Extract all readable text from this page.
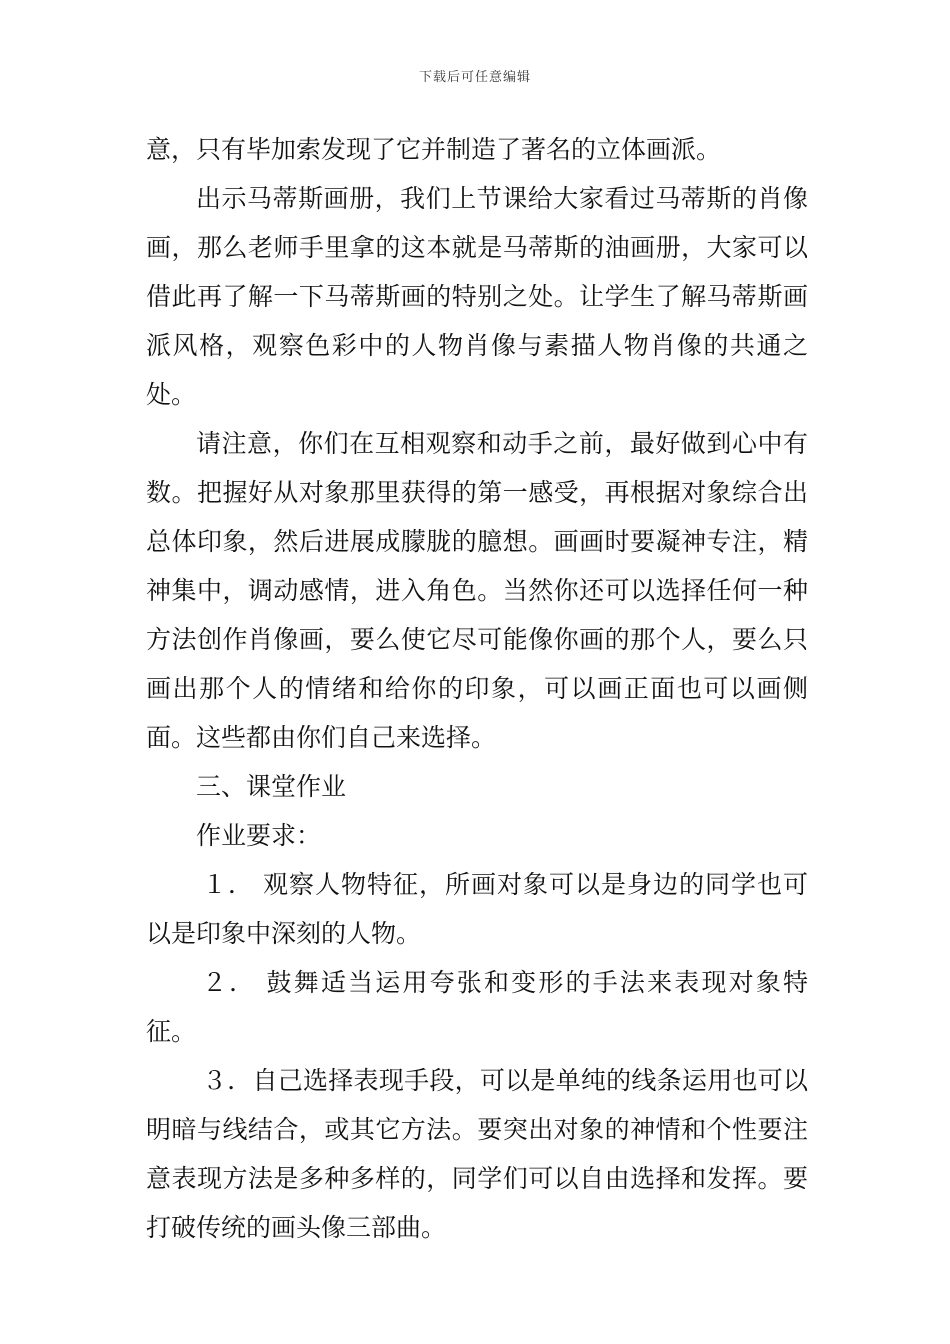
下载后可任意编辑

意，只有毕加索发现了它并制造了著名的立体画派。

出示马蒂斯画册，我们上节课给大家看过马蒂斯的肖像画，那么老师手里拿的这本就是马蒂斯的油画册，大家可以借此再了解一下马蒂斯画的特别之处。让学生了解马蒂斯画派风格，观察色彩中的人物肖像与素描人物肖像的共通之处。

请注意，你们在互相观察和动手之前，最好做到心中有数。把握好从对象那里获得的第一感受，再根据对象综合出总体印象，然后进展成朦胧的臆想。画画时要凝神专注，精神集中，调动感情，进入角色。当然你还可以选择任何一种方法创作肖像画，要么使它尽可能像你画的那个人，要么只画出那个人的情绪和给你的印象，可以画正面也可以画侧面。这些都由你们自己来选择。

三、课堂作业

作业要求：

１． 观察人物特征，所画对象可以是身边的同学也可以是印象中深刻的人物。

２． 鼓舞适当运用夸张和变形的手法来表现对象特征。

３．自己选择表现手段，可以是单纯的线条运用也可以明暗与线结合，或其它方法。要突出对象的神情和个性要注意表现方法是多种多样的，同学们可以自由选择和发挥。要打破传统的画头像三部曲。
